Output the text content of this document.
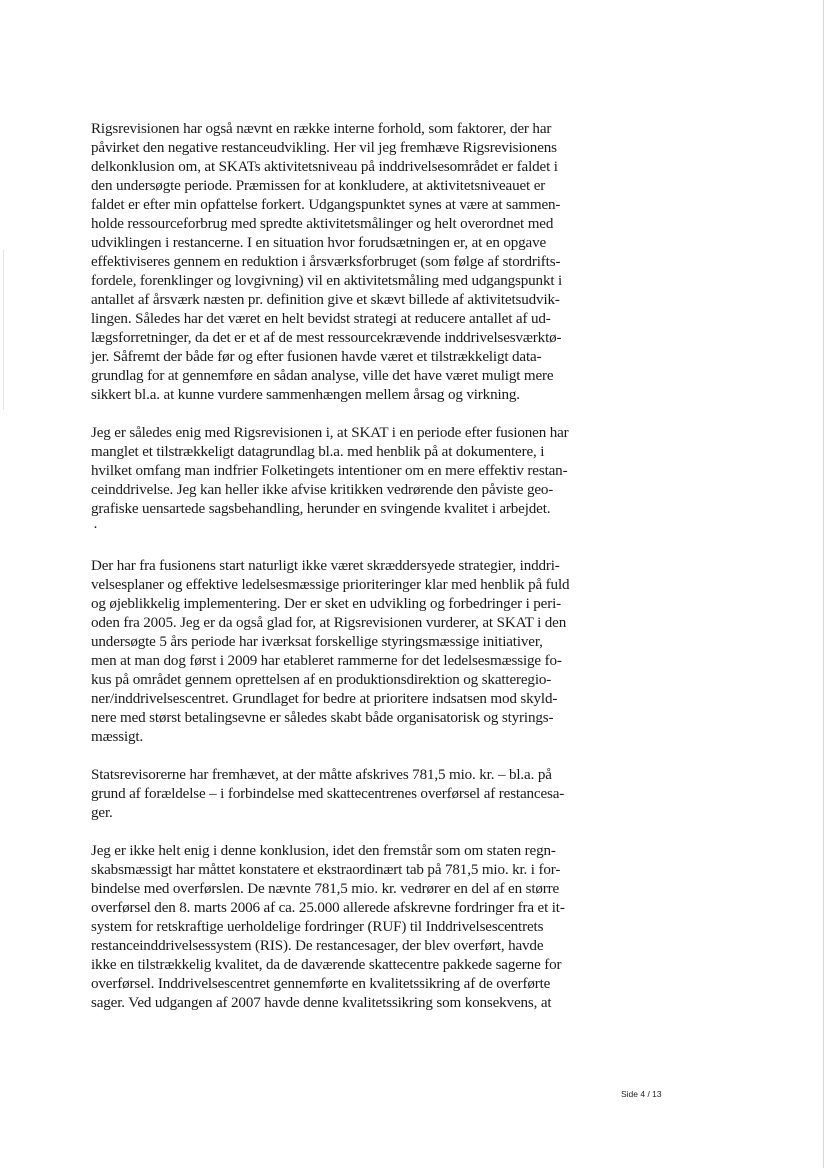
Rigsrevisionen har også nævnt en række interne forhold, som faktorer, der har
påvirket den negative restanceudvikling. Her vil jeg fremhæve Rigsrevisionens
delkonklusion om, at SKATs aktivitetsniveau på inddrivelsesområdet er faldet i
den undersøgte periode. Præmissen for at konkludere, at aktivitetsniveauet er
faldet er efter min opfattelse forkert. Udgangspunktet synes at være at sammen-
holde ressourceforbrug med spredte aktivitetsmålinger og helt overordnet med
udviklingen i restancerne. I en situation hvor forudsætningen er, at en opgave
effektiviseres gennem en reduktion i årsværksforbruget (som følge af stordrifts-
fordele, forenklinger og lovgivning) vil en aktivitetsmåling med udgangspunkt i
antallet af årsværk næsten pr. definition give et skævt billede af aktivitetsudvik-
lingen. Således har det været en helt bevidst strategi at reducere antallet af ud-
lægsforretninger, da det er et af de mest ressourcekrævende inddrivelsesværktø-
jer. Såfremt der både før og efter fusionen havde været et tilstrækkeligt data-
grundlag for at gennemføre en sådan analyse, ville det have været muligt mere
sikkert bl.a. at kunne vurdere sammenhængen mellem årsag og virkning.
Jeg er således enig med Rigsrevisionen i, at SKAT i en periode efter fusionen har
manglet et tilstrækkeligt datagrundlag bl.a. med henblik på at dokumentere, i
hvilket omfang man indfrier Folketingets intentioner om en mere effektiv restan-
ceinddrivelse. Jeg kan heller ikke afvise kritikken vedrørende den påviste geo-
grafiske uensartede sagsbehandling, herunder en svingende kvalitet i arbejdet.
·
Der har fra fusionens start naturligt ikke været skræddersyede strategier, inddri-
velsesplaner og effektive ledelsesmæssige prioriteringer klar med henblik på fuld
og øjeblikkelig implementering. Der er sket en udvikling og forbedringer i peri-
oden fra 2005. Jeg er da også glad for, at Rigsrevisionen vurderer, at SKAT i den
undersøgte 5 års periode har iværksat forskellige styringsmæssige initiativer,
men at man dog først i 2009 har etableret rammerne for det ledelsesmæssige fo-
kus på området gennem oprettelsen af en produktionsdirektion og skatteregio-
ner/inddrivelsescentret. Grundlaget for bedre at prioritere indsatsen mod skyld-
nere med størst betalingsevne er således skabt både organisatorisk og styrings-
mæssigt.
Statsrevisorerne har fremhævet, at der måtte afskrives 781,5 mio. kr. – bl.a. på
grund af forældelse – i forbindelse med skattecentrenes overførsel af restancesa-
ger.
Jeg er ikke helt enig i denne konklusion, idet den fremstår som om staten regn-
skabsmæssigt har måttet konstatere et ekstraordinært tab på 781,5 mio. kr. i for-
bindelse med overførslen. De nævnte 781,5 mio. kr. vedrører en del af en større
overførsel den 8. marts 2006 af ca. 25.000 allerede afskrevne fordringer fra et it-
system for retskraftige uerholdelige fordringer (RUF) til Inddrivelsescentrets
restanceinddrivelsessystem (RIS). De restancesager, der blev overført, havde
ikke en tilstrækkelig kvalitet, da de daværende skattecentre pakkede sagerne for
overførsel. Inddrivelsescentret gennemførte en kvalitetssikring af de overførte
sager. Ved udgangen af 2007 havde denne kvalitetssikring som konsekvens, at
Side 4 / 13
